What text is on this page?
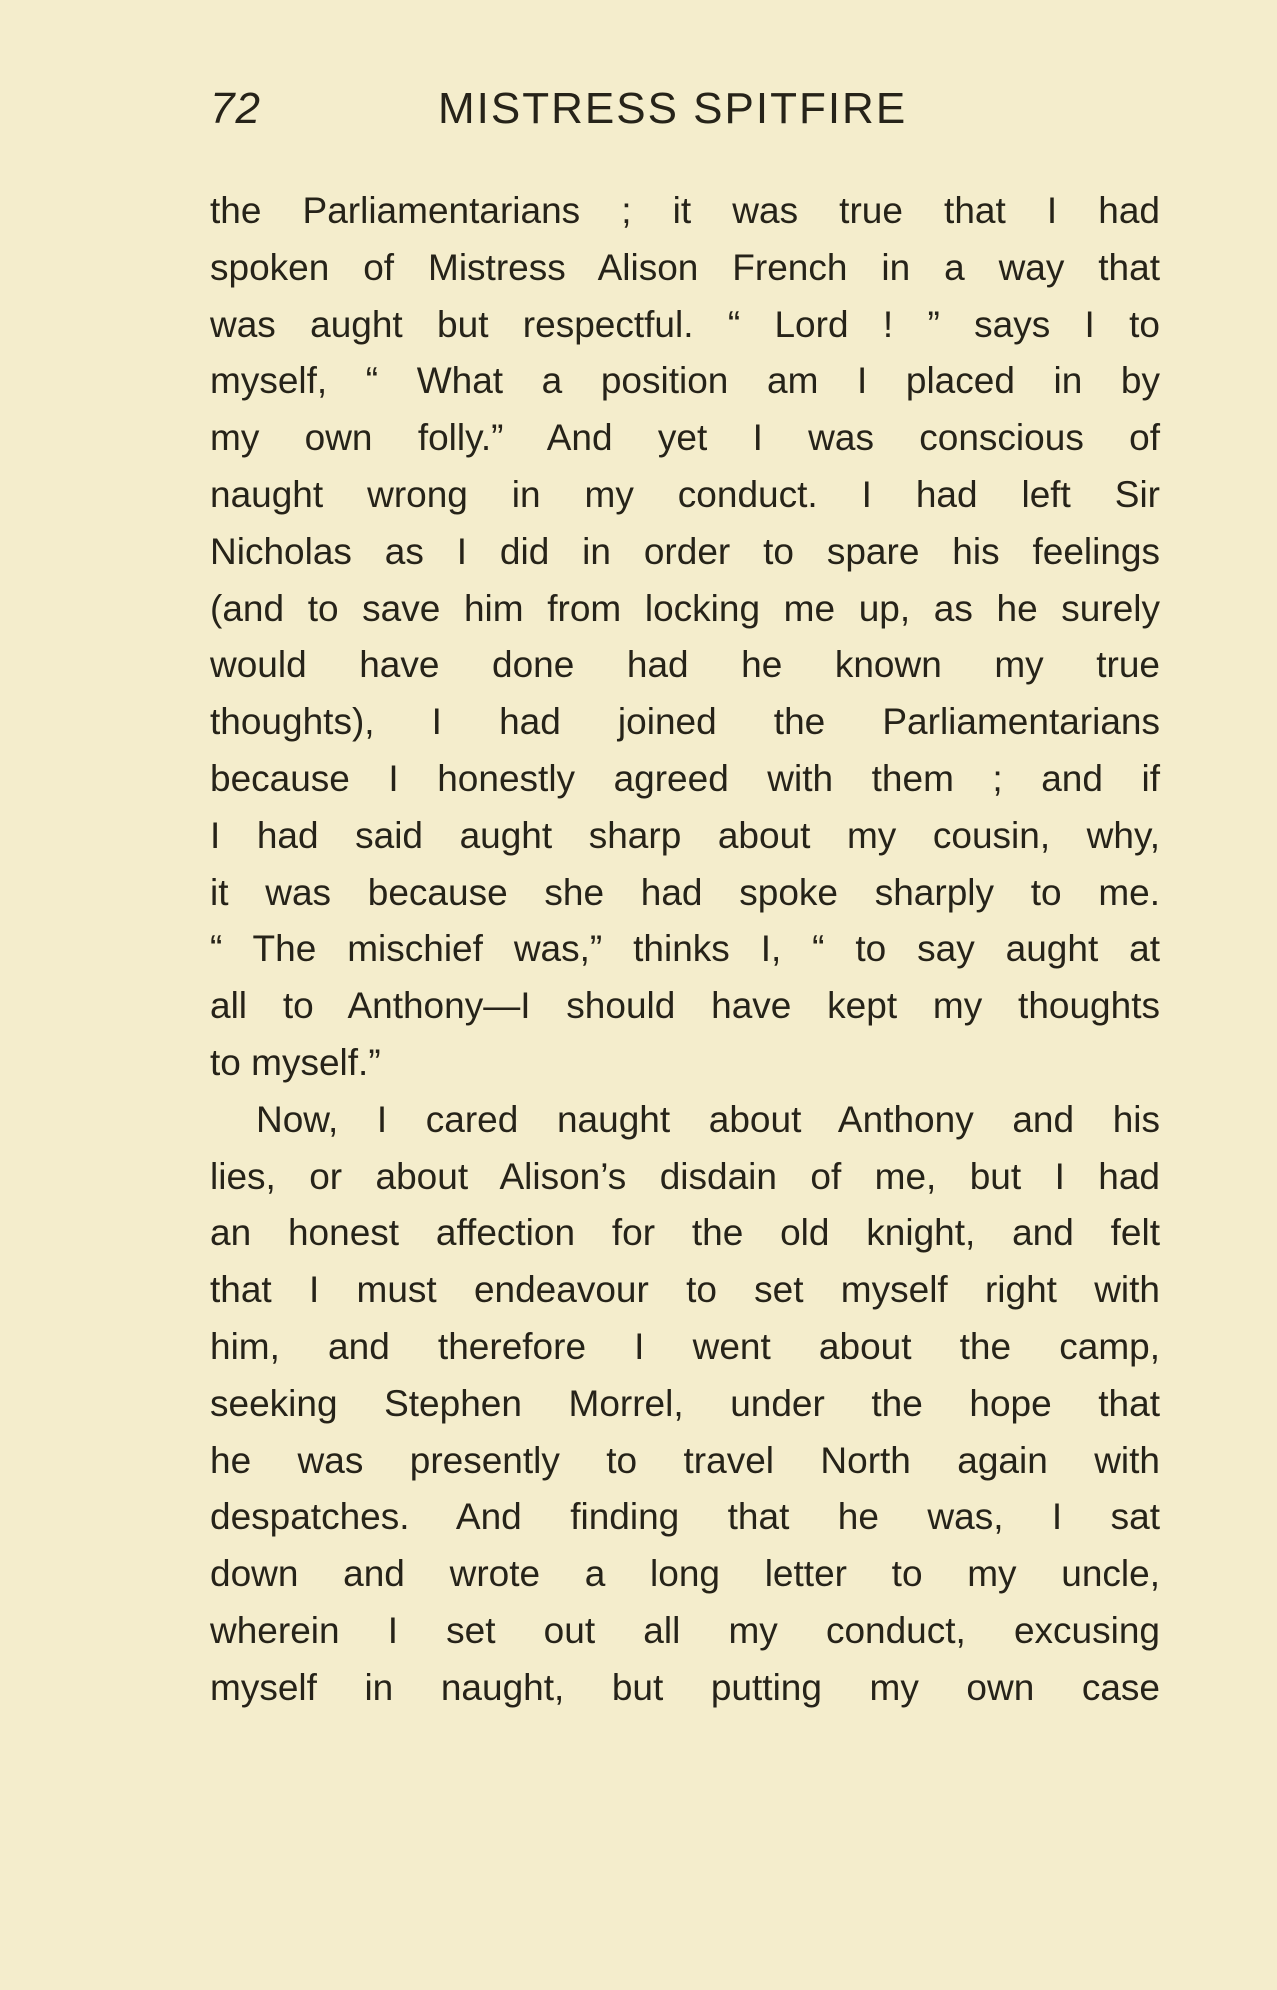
72	MISTRESS SPITFIRE
the Parliamentarians ; it was true that I had
spoken of Mistress Alison French in a way that
was aught but respectful. “ Lord ! ” says I to
myself, “ What a position am I placed in by
my own folly.” And yet I was conscious of
naught wrong in my conduct. I had left Sir
Nicholas as I did in order to spare his feelings
(and to save him from locking me up, as he surely
would have done had he known my true
thoughts), I had joined the Parliamentarians
because I honestly agreed with them ; and if
I had said aught sharp about my cousin, why,
it was because she had spoke sharply to me.
“ The mischief was,” thinks I, “ to say aught at
all to Anthony—I should have kept my thoughts
to myself.”
Now, I cared naught about Anthony and his
lies, or about Alison’s disdain of me, but I had
an honest affection for the old knight, and felt
that I must endeavour to set myself right with
him, and therefore I went about the camp,
seeking Stephen Morrel, under the hope that
he was presently to travel North again with
despatches. And finding that he was, I sat
down and wrote a long letter to my uncle,
wherein I set out all my conduct, excusing
myself in naught, but putting my own case
